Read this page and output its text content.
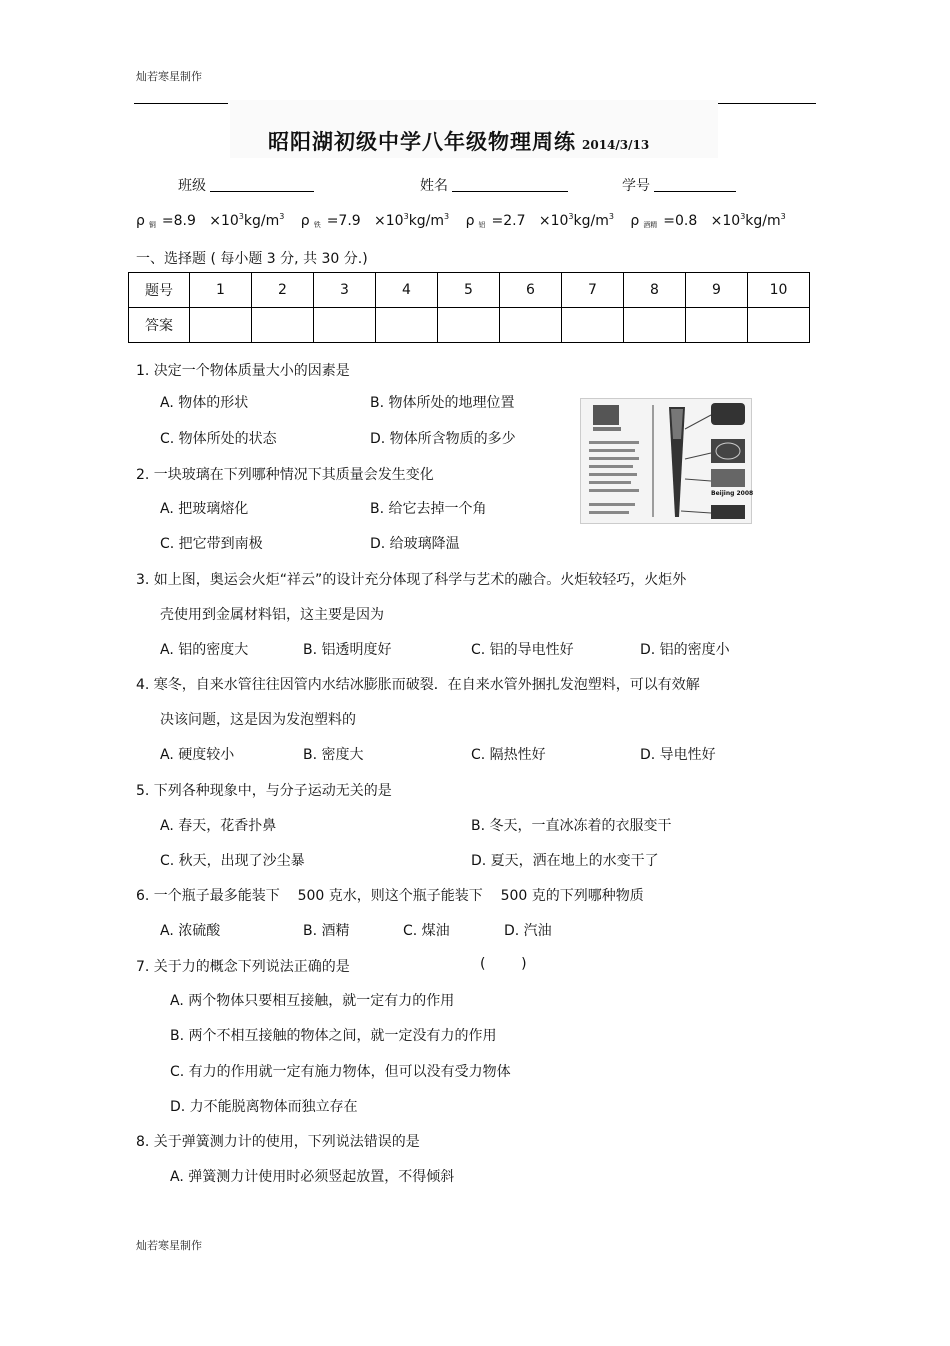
灿若寒星制作
昭阳湖初级中学八年级物理周练 2014/3/13
班级	姓名	学号
ρ $_铜 =8.9 \times 10^3kg/m^3$ ρ $_铁 =7.9 \times 10^3kg/m^3$ ρ $_铝 =2.7 \times 10^3kg/m^3$ ρ $_{酒精} =0.8 \times 10^3kg/m^3$
一、选择题 ( 每小题 3 分, 共 30 分.)
题号	1	2	3	4	5	6	7	8	9	10
答案										
Beijing 2008
1. 决定一个物体质量大小的因素是
A. 物体的形状	B. 物体所处的地理位置
C. 物体所处的状态	D. 物体所含物质的多少
2. 一块玻璃在下列哪种情况下其质量会发生变化
A. 把玻璃熔化	B. 给它去掉一个角
C. 把它带到南极	D. 给玻璃降温
3. 如上图，奥运会火炬“祥云”的设计充分体现了科学与艺术的融合。火炬较轻巧，火炬外
壳使用到金属材料铝，这主要是因为
A. 铝的密度大	B. 铝透明度好	C. 铝的导电性好	D. 铝的密度小
4. 寒冬，自来水管往往因管内水结冰膨胀而破裂．在自来水管外捆扎发泡塑料，可以有效解
决该问题，这是因为发泡塑料的
A. 硬度较小	B. 密度大	C. 隔热性好	D. 导电性好
5. 下列各种现象中，与分子运动无关的是
A. 春天，花香扑鼻	B. 冬天，一直冰冻着的衣服变干
C. 秋天，出现了沙尘暴	D. 夏天，洒在地上的水变干了
6. 一个瓶子最多能装下    500 克水，则这个瓶子能装下    500 克的下列哪种物质
A. 浓硫酸	B. 酒精	C. 煤油	D. 汽油
7. 关于力的概念下列说法正确的是	(        )
A. 两个物体只要相互接触，就一定有力的作用
B. 两个不相互接触的物体之间，就一定没有力的作用
C. 有力的作用就一定有施力物体，但可以没有受力物体
D. 力不能脱离物体而独立存在
8. 关于弹簧测力计的使用，下列说法错误的是
A. 弹簧测力计使用时必须竖起放置，不得倾斜
灿若寒星制作
